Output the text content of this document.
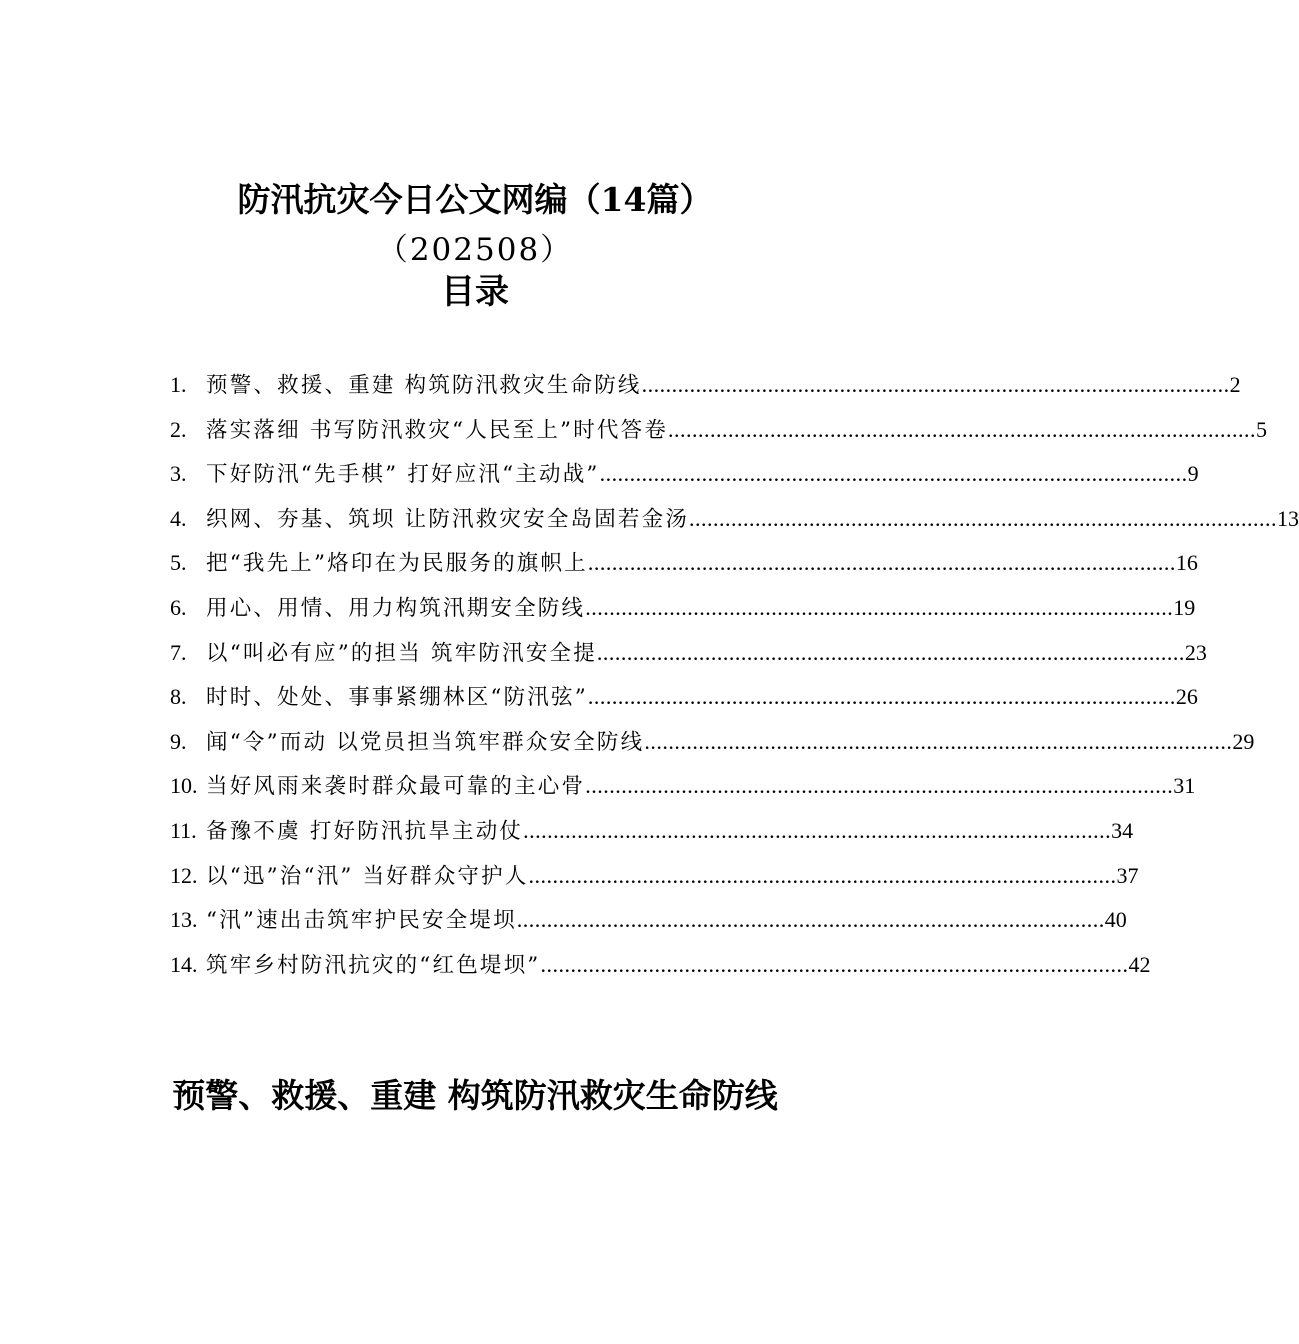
防汛抗灾今日公文网编（14篇）
（202508）
目录
1. 预警、救援、重建 构筑防汛救灾生命防线 .....	2
2. 落实落细 书写防汛救灾“人民至上”时代答卷 .....	5
3. 下好防汛“先手棋” 打好应汛“主动战” .....	9
4. 织网、夯基、筑坝 让防汛救灾安全岛固若金汤 .....	13
5. 把“我先上”烙印在为民服务的旗帜上 .....	16
6. 用心、用情、用力构筑汛期安全防线 .....	19
7. 以“叫必有应”的担当 筑牢防汛安全提 .....	23
8. 时时、处处、事事紧绷林区“防汛弦” .....	26
9. 闻“令”而动 以党员担当筑牢群众安全防线 .....	29
10. 当好风雨来袭时群众最可靠的主心骨 .....	31
11. 备豫不虞 打好防汛抗旱主动仗 .....	34
12. 以“迅”治“汛” 当好群众守护人 .....	37
13. “汛”速出击筑牢护民安全堤坝 .....	40
14. 筑牢乡村防汛抗灾的“红色堤坝” .....	42
预警、救援、重建 构筑防汛救灾生命防线
